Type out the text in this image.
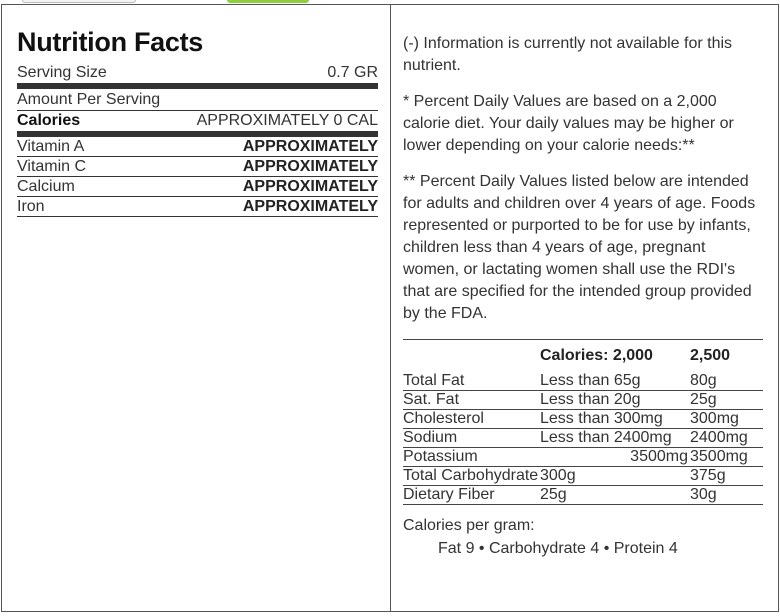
Nutrition Facts
Serving Size	0.7 GR
Amount Per Serving
Calories	APPROXIMATELY 0 CAL
Vitamin A	APPROXIMATELY
Vitamin C	APPROXIMATELY
Calcium	APPROXIMATELY
Iron	APPROXIMATELY

(-) Information is currently not available for this nutrient.

* Percent Daily Values are based on a 2,000 calorie diet. Your daily values may be higher or lower depending on your calorie needs:**

** Percent Daily Values listed below are intended for adults and children over 4 years of age. Foods represented or purported to be for use by infants, children less than 4 years of age, pregnant women, or lactating women shall use the RDI's that are specified for the intended group provided by the FDA.

	Calories: 2,000	2,500
Total Fat	Less than 65g	80g
Sat. Fat	Less than 20g	25g
Cholesterol	Less than 300mg	300mg
Sodium	Less than 2400mg	2400mg
Potassium	3500mg	3500mg
Total Carbohydrate	300g	375g
Dietary Fiber	25g	30g
Calories per gram:
Fat 9 • Carbohydrate 4 • Protein 4
